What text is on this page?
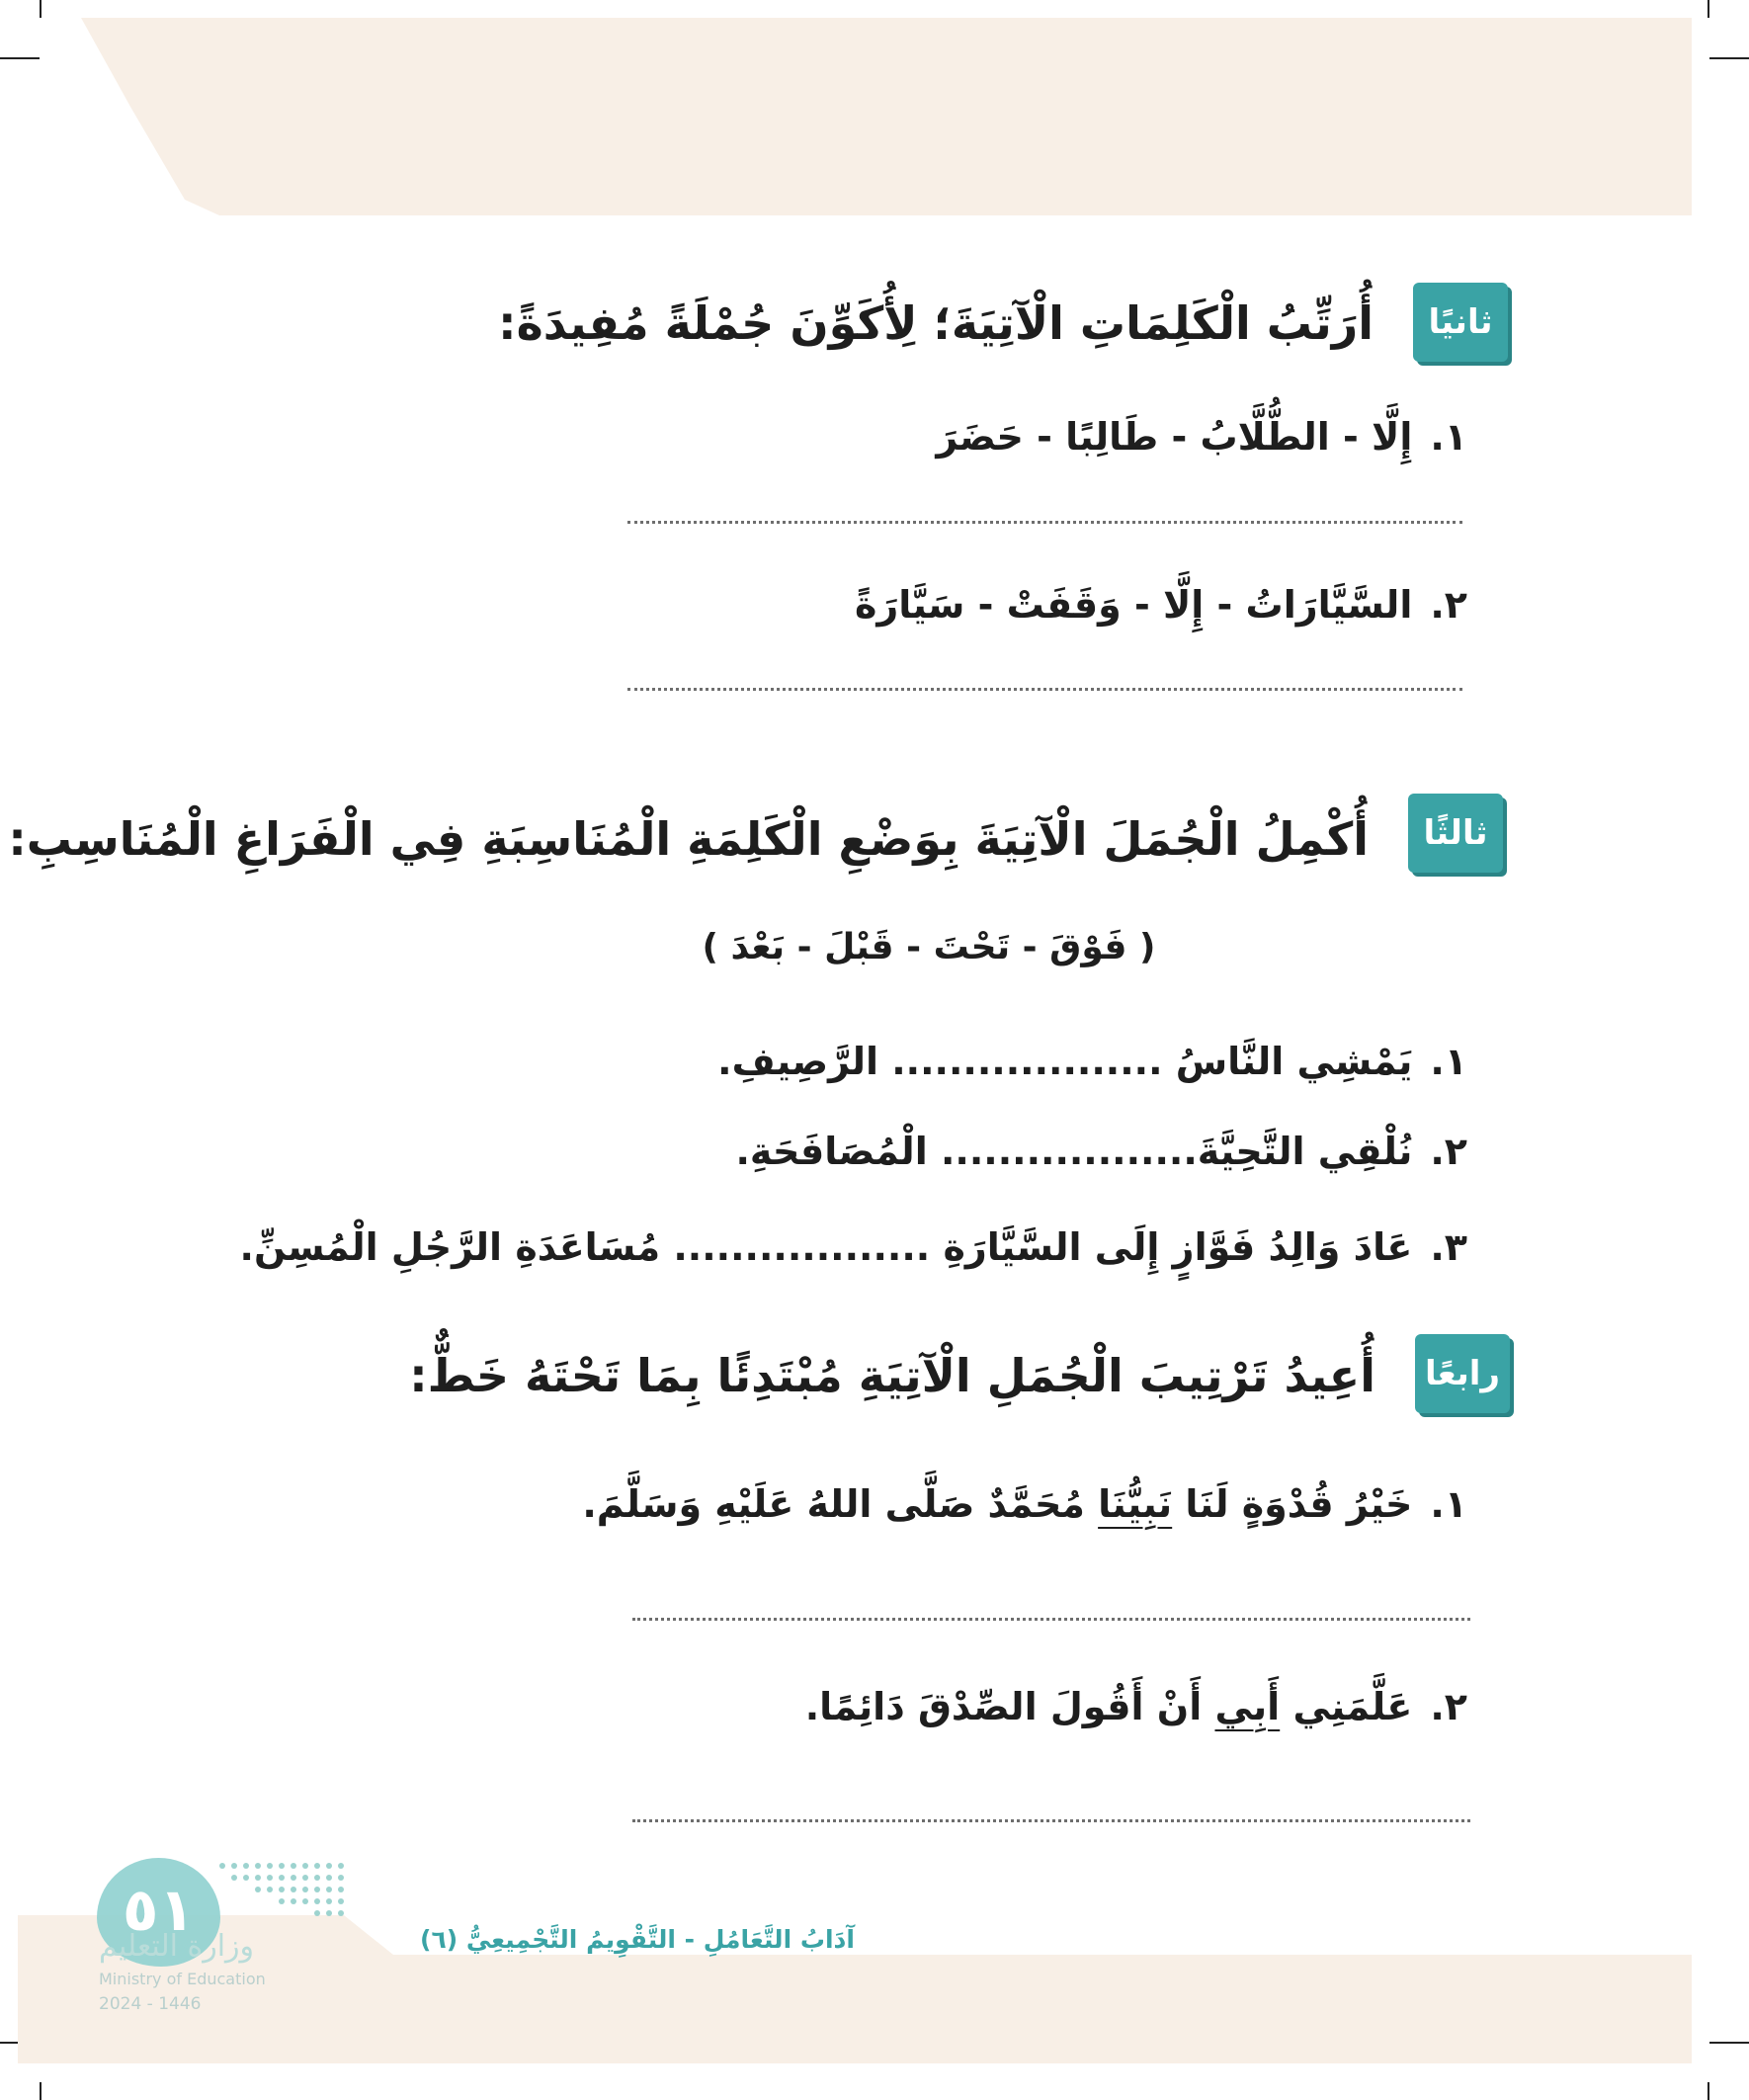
ثانيًا
أُرَتِّبُ الْكَلِمَاتِ الْآتِيَةَ؛ لِأُكَوِّنَ جُمْلَةً مُفِيدَةً:
١.إِلَّا - الطُّلَّابُ - طَالِبًا - حَضَرَ
٢.السَّيَّارَاتُ - إِلَّا - وَقَفَتْ - سَيَّارَةً
ثالثًا
أُكْمِلُ الْجُمَلَ الْآتِيَةَ بِوَضْعِ الْكَلِمَةِ الْمُنَاسِبَةِ فِي الْفَرَاغِ الْمُنَاسِبِ:
( فَوْقَ - تَحْتَ - قَبْلَ - بَعْدَ )
١.يَمْشِي النَّاسُ ................... الرَّصِيفِ.
٢.نُلْقِي التَّحِيَّةَ.................. الْمُصَافَحَةِ.
٣.عَادَ وَالِدُ فَوَّازٍ إِلَى السَّيَّارَةِ .................. مُسَاعَدَةِ الرَّجُلِ الْمُسِنِّ.
رابعًا
أُعِيدُ تَرْتِيبَ الْجُمَلِ الْآتِيَةِ مُبْتَدِئًا بِمَا تَحْتَهُ خَطٌّ:
١.خَيْرُ قُدْوَةٍ لَنَا نَبِيُّنَا مُحَمَّدٌ صَلَّى اللهُ عَلَيْهِ وَسَلَّمَ.
٢.عَلَّمَنِي أَبِي أَنْ أَقُولَ الصِّدْقَ دَائِمًا.
٥١
وزارة التعليم
Ministry of Education
2024 - 1446
آدَابُ التَّعَامُلِ - التَّقْوِيمُ التَّجْمِيعِيُّ (٦)
